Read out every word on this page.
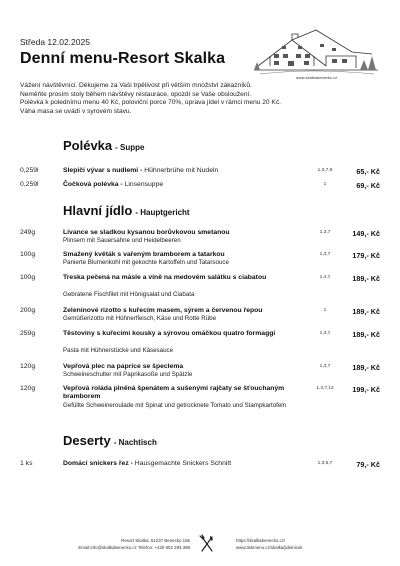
Středa 12.02.2025
Denní menu-Resort Skalka
www.skalkabenecko.cz
Vážení návštěvníci. Děkujeme za Vaši trpělivost při větším množství zákazníků.
Neměňte prosím stoly během návštěvy restaurace, opozdí se Vaše obsloužení.
Polévka k polednímu menu 40 Kč, poloviční porce 70%, úprava jídel v rámci menu 20 Kč.
Váha masa se uvádí v syrovém stavu.
Polévka - Suppe
0,259l	Slepičí vývar s nudlemi - Hühnerbrühe mit Nudeln	1,3,7,9	65,- Kč
0,259l	Čočková polévka - Linsensuppe	1	69,- Kč
Hlavní jídlo - Hauptgericht
249g	Lívance se sladkou kysanou borůvkovou smetanou
Plinsem mit Sauersahne und Heidelbeeren
1,3,7	149,- Kč
100g	Smažený květák s vařeným bramborem a tatarkou
Panierte Blumenkohl mit gekochte Kartoffeln und Tatarsouce
1,3,7	179,- Kč
100g	Treska pečená na másle a víně na medovém salátku s ciabatou
Gebratene Fischfilet mit Hönigsalat und Ciabata
1,4,7	189,- Kč
200g	Zeleninové rizotto s kuřecím masem, sýrem a červenou řepou
Gemüßerizotto mit Hühnerfleisch, Käse und Rotte Rübe
1	189,- Kč
259g	Těstoviny s kuřecími kousky a sýrovou omáčkou quatro formaggi
Pasta mit Hühnerstücke und Käsesauce
1,3,7	189,- Kč
120g	Vepřová plec na paprice se špeclema
Schweineschulter mit Paprikasoße und Spätzle
1,3,7	189,- Kč
120g	Vepřová roláda plněná špenátem a sušenými rajčaty se šťouchaným bramborem
Gefüllte Schweineroulade mit Spinat und getrocknete Tomato und Stampkartofeln
1,3,7,12	199,- Kč
Deserty - Nachtisch
1 ks	Domácí snickers řez - Hausgemachte Snickers Schnitt	1,3,5,7	79,- Kč
Resort Skalka, 51237 Benecko 156
Email:info@skalkabenecko.cz Telefon: +420 602 293 398
https://skalkabenecko.cz/
www.tiskmenu.cz/skalka/jidelnicek
